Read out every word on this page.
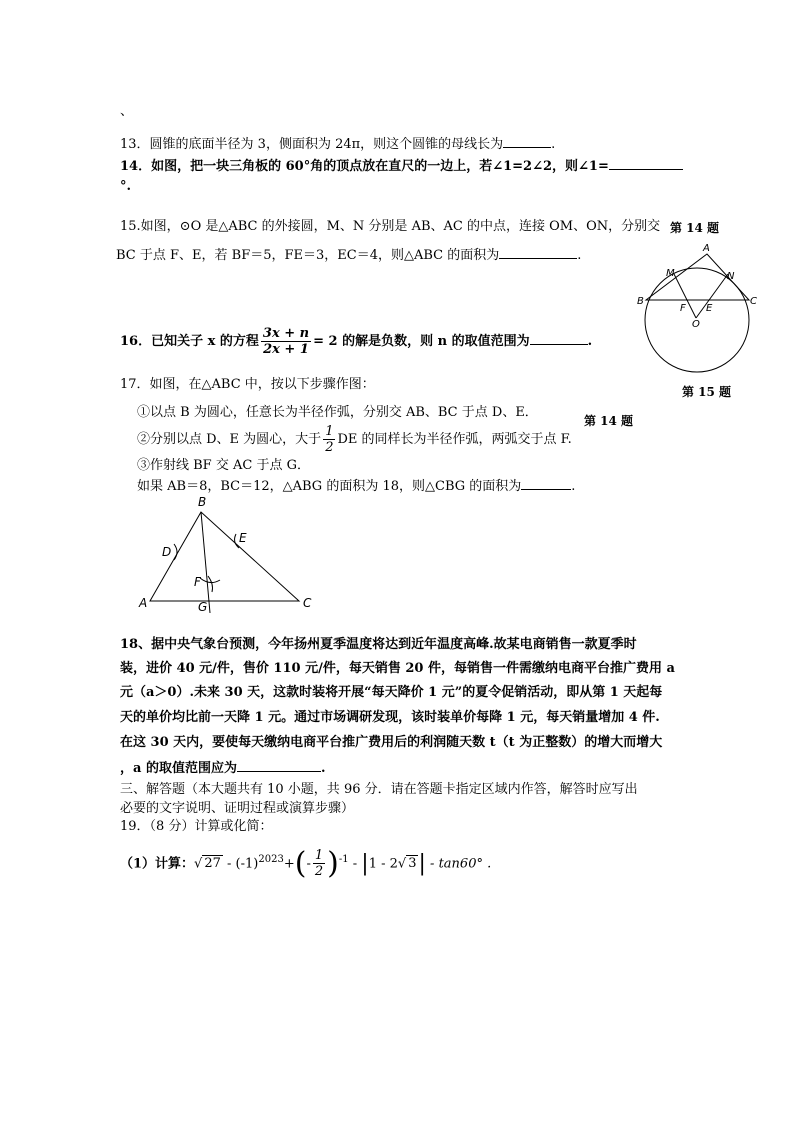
、
13．圆锥的底面半径为 3，侧面积为 24π，则这个圆锥的母线长为	.
14．如图，把一块三角板的 60°角的顶点放在直尺的一边上，若∠1=2∠2，则∠1=
°.
15.如图，⊙O 是△ABC 的外接圆，M、N 分别是 AB、AC 的中点，连接 OM、ON，分别交 第 14 题
BC 于点 F、E，若 BF＝5，FE＝3，EC＝4，则△ABC 的面积为	.	A
B	C
M	N
F E
O
16．已知关子 x 的方程 $\frac{3x + n}{2x + 1} = 2$ 的解是负数，则 n 的取值范围为	.
第 15 题
17．如图，在△ABC 中，按以下步骤作图：
①以点 B 为圆心，任意长为半径作弧，分别交 AB、BC 于点 D、E．
第 14 题
②分别以点 D、E 为圆心，大于 $\frac{1}{2}$ DE 的同样长为半径作弧，两弧交于点 F.
③作射线 BF 交 AC 于点 G．
如果 AB＝8，BC＝12，△ABG 的面积为 18，则△CBG 的面积为	.
B
D
E
F
A	G	C
18、据中央气象台预测，今年扬州夏季温度将达到近年温度高峰.故某电商销售一款夏季时
装，进价 40 元/件，售价 110 元/件，每天销售 20 件，每销售一件需缴纳电商平台推广费用 a
元（a＞0）.未来 30 天，这款时装将开展“每天降价 1 元”的夏令促销活动，即从第 1 天起每
天的单价均比前一天降 1 元。通过市场调研发现，该时装单价每降 1 元，每天销量增加 4 件.
在这 30 天内，要使每天缴纳电商平台推广费用后的利润随天数 t（t 为正整数）的增大而增大
，a 的取值范围应为	.
三、解答题（本大题共有 10 小题，共 96 分．请在答题卡指定区域内作答，解答时应写出
必要的文字说明、证明过程或演算步骤）
19．（8 分）计算或化简：
（1）计算：√ $27 - (-1)^{2023}+(- \frac{1}{2} )^{-1} - |1 - 2√$ 3| - tan60° .
